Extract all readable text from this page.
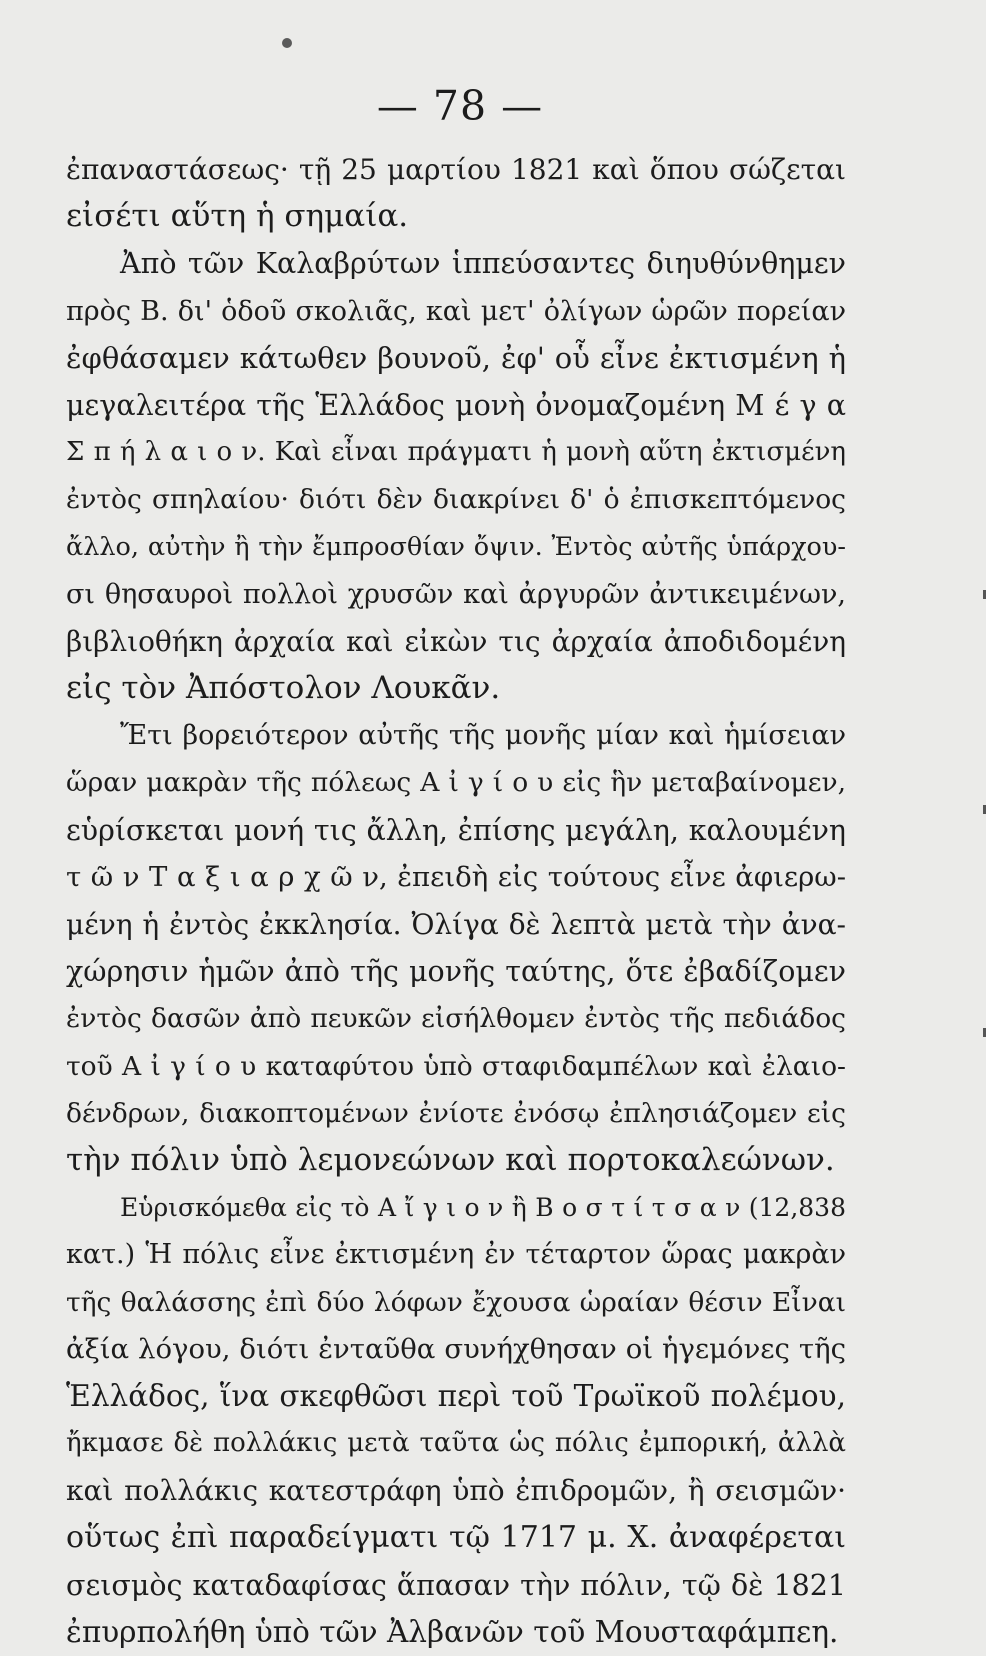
— 78 —
ἐπαναστάσεως· τῇ 25 μαρτίου 1821 καὶ ὅπου σώζεται
εἰσέτι αὕτη ἡ σημαία.
Ἀπὸ τῶν Καλαβρύτων ἱππεύσαντες διηυθύνθημεν
πρὸς Β. δι' ὁδοῦ σκολιᾶς, καὶ μετ' ὀλίγων ὡρῶν πορείαν
ἐφθάσαμεν κάτωθεν βουνοῦ, ἐφ' οὗ εἶνε ἐκτισμένη ἡ
μεγαλειτέρα τῆς Ἑλλάδος μονὴ ὀνομαζομένη Μ έ γ α
Σ π ή λ α ι ο ν. Καὶ εἶναι πράγματι ἡ μονὴ αὕτη ἐκτισμένη
ἐντὸς σπηλαίου· διότι δὲν διακρίνει δ' ὁ ἐπισκεπτόμενος
ἄλλο, αὐτὴν ἢ τὴν ἔμπροσθίαν ὄψιν. Ἐντὸς αὐτῆς ὑπάρχου-
σι θησαυροὶ πολλοὶ χρυσῶν καὶ ἀργυρῶν ἀντικειμένων,
βιβλιοθήκη ἀρχαία καὶ εἰκὼν τις ἀρχαία ἀποδιδομένη
εἰς τὸν Ἀπόστολον Λουκᾶν.
Ἔτι βορειότερον αὐτῆς τῆς μονῆς μίαν καὶ ἡμίσειαν
ὥραν μακρὰν τῆς πόλεως Α ἰ γ ί ο υ εἰς ἣν μεταβαίνομεν,
εὑρίσκεται μονή τις ἄλλη, ἐπίσης μεγάλη, καλουμένη
τ ῶ ν Τ α ξ ι α ρ χ ῶ ν, ἐπειδὴ εἰς τούτους εἶνε ἀφιερω-
μένη ἡ ἐντὸς ἐκκλησία. Ὀλίγα δὲ λεπτὰ μετὰ τὴν ἀνα-
χώρησιν ἡμῶν ἀπὸ τῆς μονῆς ταύτης, ὅτε ἐβαδίζομεν
ἐντὸς δασῶν ἀπὸ πευκῶν εἰσήλθομεν ἐντὸς τῆς πεδιάδος
τοῦ Α ἰ γ ί ο υ καταφύτου ὑπὸ σταφιδαμπέλων καὶ ἐλαιο-
δένδρων, διακοπτομένων ἐνίοτε ἐνόσῳ ἐπλησιάζομεν εἰς
τὴν πόλιν ὑπὸ λεμονεώνων καὶ πορτοκαλεώνων.
Εὑρισκόμεθα εἰς τὸ Α ἴ γ ι ο ν ἢ Β ο σ τ ί τ σ α ν (12,838
κατ.) Ἡ πόλις εἶνε ἐκτισμένη ἐν τέταρτον ὥρας μακρὰν
τῆς θαλάσσης ἐπὶ δύο λόφων ἔχουσα ὡραίαν θέσιν Εἶναι
ἀξία λόγου, διότι ἐνταῦθα συνήχθησαν οἱ ἡγεμόνες τῆς
Ἑλλάδος, ἵνα σκεφθῶσι περὶ τοῦ Τρωϊκοῦ πολέμου,
ἤκμασε δὲ πολλάκις μετὰ ταῦτα ὡς πόλις ἐμπορική, ἀλλὰ
καὶ πολλάκις κατεστράφη ὑπὸ ἐπιδρομῶν, ἢ σεισμῶν·
οὕτως ἐπὶ παραδείγματι τῷ 1717 μ. Χ. ἀναφέρεται
σεισμὸς καταδαφίσας ἅπασαν τὴν πόλιν, τῷ δὲ 1821
ἐπυρπολήθη ὑπὸ τῶν Ἀλβανῶν τοῦ Μουσταφάμπεη.
